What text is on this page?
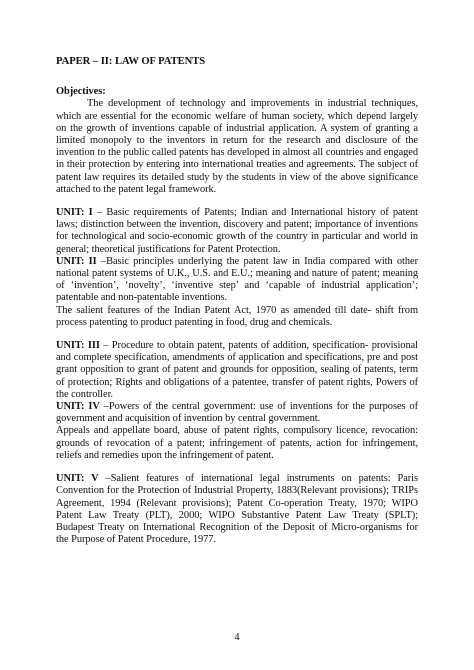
PAPER – II: LAW OF PATENTS

Objectives:

The development of technology and improvements in industrial techniques, which are essential for the economic welfare of human society, which depend largely on the growth of inventions capable of industrial application. A system of granting a limited monopoly to the inventors in return for the research and disclosure of the invention to the public called patents has developed in almost all countries and engaged in their protection by entering into international treaties and agreements. The subject of patent law requires its detailed study by the students in view of the above significance attached to the patent legal framework.

UNIT: I – Basic requirements of Patents; Indian and International history of patent laws; distinction between the invention, discovery and patent; importance of inventions for technological and socio-economic growth of the country in particular and world in general; theoretical justifications for Patent Protection.

UNIT: II –Basic principles underlying the patent law in India compared with other national patent systems of U.K., U.S. and E.U.; meaning and nature of patent; meaning of ‘invention’, ‘novelty’, ‘inventive step’ and ‘capable of industrial application’; patentable and non-patentable inventions.

The salient features of the Indian Patent Act, 1970 as amended till date- shift from process patenting to product patenting in food, drug and chemicals.

UNIT: III – Procedure to obtain patent, patents of addition, specification- provisional and complete specification, amendments of application and specifications, pre and post grant opposition to grant of patent and grounds for opposition, sealing of patents, term of protection; Rights and obligations of a patentee, transfer of patent rights, Powers of the controller.

UNIT: IV –Powers of the central government: use of inventions for the purposes of government and acquisition of invention by central government.

Appeals and appellate board, abuse of patent rights, compulsory licence, revocation: grounds of revocation of a patent; infringement of patents, action for infringement, reliefs and remedies upon the infringement of patent.

UNIT: V –Salient features of international legal instruments on patents: Paris Convention for the Protection of Industrial Property, 1883(Relevant provisions); TRIPs Agreement, 1994 (Relevant provisions); Patent Co-operation Treaty, 1970; WIPO Patent Law Treaty (PLT), 2000; WIPO Substantive Patent Law Treaty (SPLT); Budapest Treaty on International Recognition of the Deposit of Micro-organisms for the Purpose of Patent Procedure, 1977.

4
